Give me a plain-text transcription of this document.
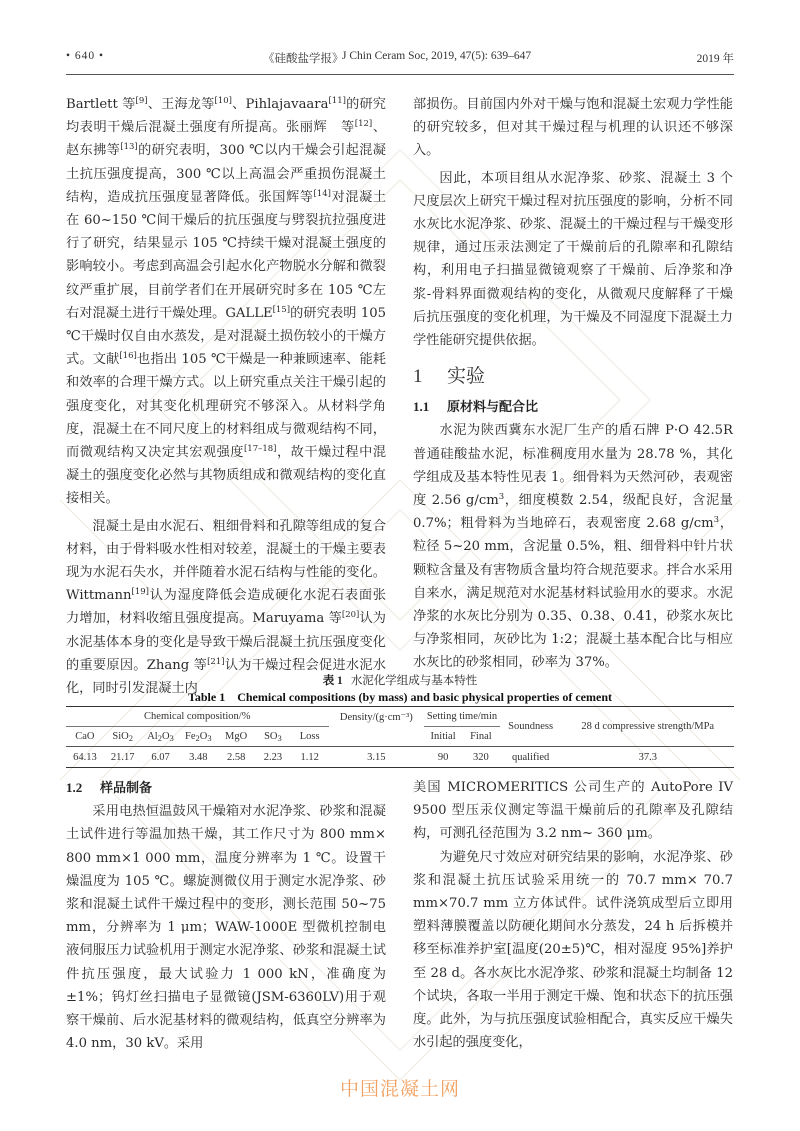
• 640 •	《硅酸盐学报》
J Chin Ceram Soc, 2019, 47(5): 639–647	2019 年

Bartlett 等[9]、王海龙等[10]、Pihlajavaara[11]的研究均表明干燥后混凝土强度有所提高。张丽辉　等[12]、赵东拂等[13]的研究表明，300 ℃以内干燥会引起混凝土抗压强度提高，300 ℃以上高温会严重损伤混凝土结构，造成抗压强度显著降低。张国辉等[14]对混凝土在 60~150 ℃间干燥后的抗压强度与劈裂抗拉强度进行了研究，结果显示 105 ℃持续干燥对混凝土强度的影响较小。考虑到高温会引起水化产物脱水分解和微裂纹严重扩展，目前学者们在开展研究时多在 105 ℃左右对混凝土进行干燥处理。GALLE[15]的研究表明 105 ℃干燥时仅自由水蒸发，是对混凝土损伤较小的干燥方式。文献[16]也指出 105 ℃干燥是一种兼顾速率、能耗和效率的合理干燥方式。以上研究重点关注干燥引起的强度变化，对其变化机理研究不够深入。从材料学角度，混凝土在不同尺度上的材料组成与微观结构不同，而微观结构又决定其宏观强度[17–18]，故干燥过程中混凝土的强度变化必然与其物质组成和微观结构的变化直接相关。

混凝土是由水泥石、粗细骨料和孔隙等组成的复合材料，由于骨料吸水性相对较差，混凝土的干燥主要表现为水泥石失水，并伴随着水泥石结构与性能的变化。Wittmann[19]认为湿度降低会造成硬化水泥石表面张力增加，材料收缩且强度提高。Maruyama 等[20]认为水泥基体本身的变化是导致干燥后混凝土抗压强度变化的重要原因。Zhang 等[21]认为干燥过程会促进水泥水化，同时引发混凝土内

部损伤。目前国内外对干燥与饱和混凝土宏观力学性能的研究较多，但对其干燥过程与机理的认识还不够深入。

因此，本项目组从水泥净浆、砂浆、混凝土 3 个尺度层次上研究干燥过程对抗压强度的影响，分析不同水灰比水泥净浆、砂浆、混凝土的干燥过程与干燥变形规律，通过压汞法测定了干燥前后的孔隙率和孔隙结构，利用电子扫描显微镜观察了干燥前、后净浆和净浆-骨料界面微观结构的变化，从微观尺度解释了干燥后抗压强度的变化机理，为干燥及不同湿度下混凝土力学性能研究提供依据。

1 实验
1.1 原材料与配合比

水泥为陕西冀东水泥厂生产的盾石牌 P·O 42.5R 普通硅酸盐水泥，标准稠度用水量为 28.78 %，其化学组成及基本特性见表 1。细骨料为天然河砂，表观密度 2.56 $g/cm^3$，细度模数 2.54，级配良好，含泥量 0.7%；粗骨料为当地碎石，表观密度 2.68 $g/cm^3$，粒径 5~20 mm，含泥量 0.5%，粗、细骨料中针片状颗粒含量及有害物质含量均符合规范要求。拌合水采用自来水，满足规范对水泥基材料试验用水的要求。水泥净浆的水灰比分别为 0.35、0.38、0.41，砂浆水灰比与净浆相同，灰砂比为 1:2；混凝土基本配合比与相应水灰比的砂浆相同，砂率为 37%。

表 1 水泥化学组成与基本特性
Table 1　Chemical compositions (by mass) and basic physical properties of cement
Chemical composition/%							Density/(g·cm⁻³)	Setting time/min		Soundness	28 d compressive strength/MPa
CaO	SiO$_2$	$Al_2O_3$	$Fe_2O_3$	MgO	$SO_3$	Loss		Initial	Final		
64.13	21.17	6.07	3.48	2.58	2.23	1.12	3.15	90	320	qualified	37.3
1.2 样品制备

采用电热恒温鼓风干燥箱对水泥净浆、砂浆和混凝土试件进行等温加热干燥，其工作尺寸为 800 mm× 800 mm×1 000 mm，温度分辨率为 1 ℃。设置干燥温度为 105 ℃。螺旋测微仪用于测定水泥净浆、砂浆和混凝土试件干燥过程中的变形，测长范围 50~75 mm，分辨率为 1 μm；WAW-1000E 型微机控制电液伺服压力试验机用于测定水泥净浆、砂浆和混凝土试件抗压强度，最大试验力 1 000 kN，准确度为±1%；钨灯丝扫描电子显微镜(JSM-6360LV)用于观察干燥前、后水泥基材料的微观结构，低真空分辨率为 4.0 nm，30 kV。采用

美国 MICROMERITICS 公司生产的 AutoPore IV 9500 型压汞仪测定等温干燥前后的孔隙率及孔隙结构，可测孔径范围为 3.2 nm~ 360 μm。

为避免尺寸效应对研究结果的影响，水泥净浆、砂浆和混凝土抗压试验采用统一的 70.7 mm× 70.7 mm×70.7 mm 立方体试件。试件浇筑成型后立即用塑料薄膜覆盖以防硬化期间水分蒸发，24 h 后拆模并移至标准养护室[温度(20±5)℃，相对湿度 95%]养护至 28 d。各水灰比水泥净浆、砂浆和混凝土均制备 12 个试块，各取一半用于测定干燥、饱和状态下的抗压强度。此外，为与抗压强度试验相配合，真实反应干燥失水引起的强度变化，

中国混凝土网
